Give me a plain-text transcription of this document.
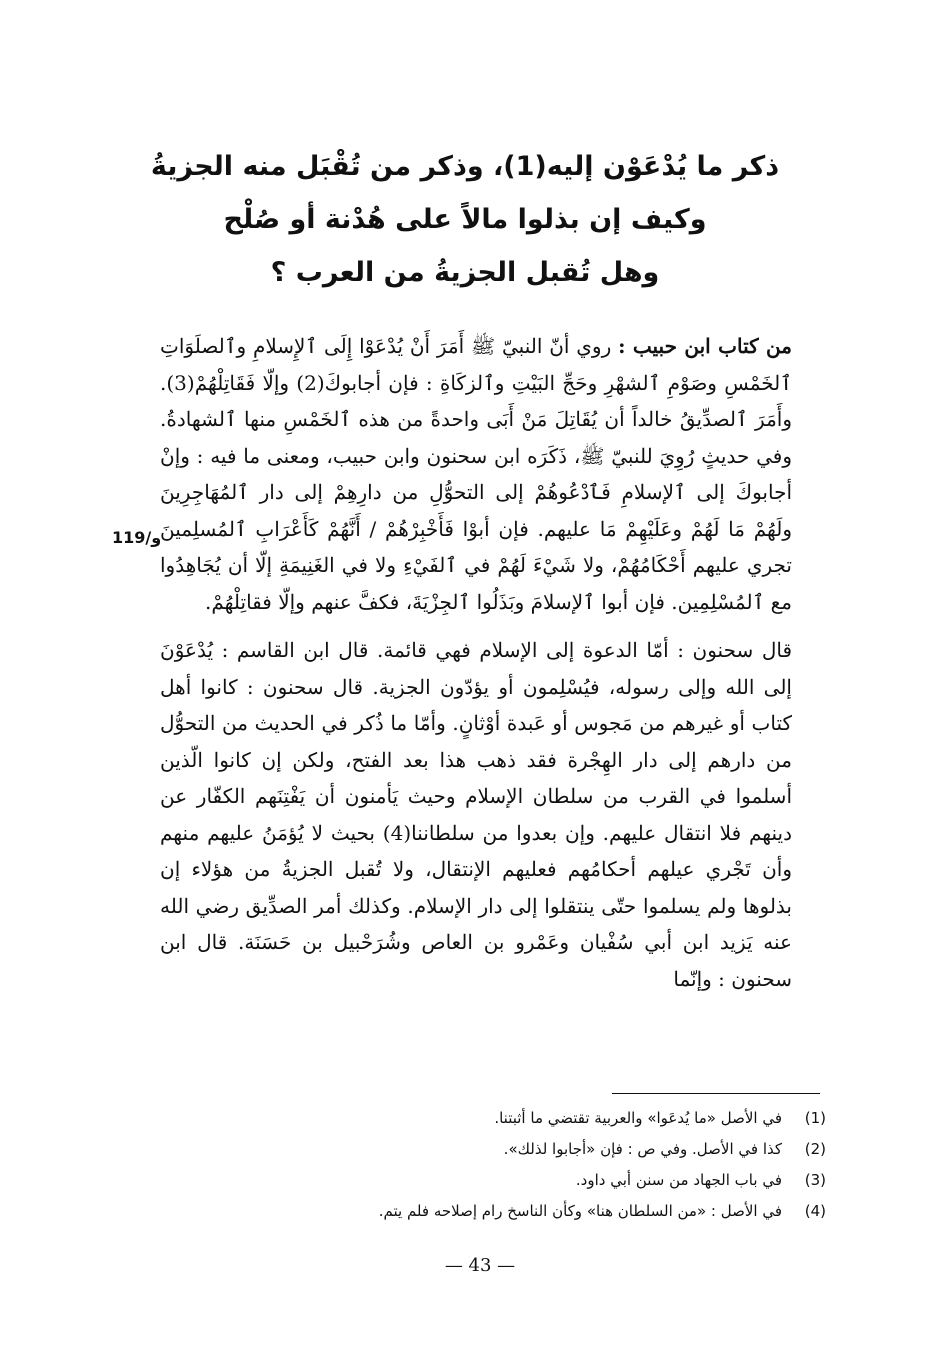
ذكر ما يُدْعَوْن إليه(1)، وذكر من تُقْبَل منه الجزيةُ
وكيف إن بذلوا مالاً على هُدْنة أو صُلْح
وهل تُقبل الجزيةُ من العرب ؟
119/و

من كتاب ابن حبيب : روي أنّ النبيّ ﷺ أَمَرَ أَنْ يُدْعَوْا إِلَى ٱلإِسلامِ وٱلصلَوَاتِ ٱلخَمْسِ وصَوْمِ ٱلشهْرِ وحَجِّ البَيْتِ وٱلزكَاةِ : فإن أجابوكَ(2) وإلّا فَقَاتِلْهُمْ(3). وأَمَرَ ٱلصدِّيقُ خالداً أن يُقَاتِلَ مَنْ أَبَى واحدةً من هذه ٱلخَمْسِ منها ٱلشهادةُ. وفي حديثٍ رُوِيَ للنبيّ ﷺ، ذَكَرَه ابن سحنون وابن حبيب، ومعنى ما فيه : وإنْ أجابوكَ إلى ٱلإسلامِ فَٱدْعُوهُمْ إلى التحوُّلِ من دارِهِمْ إلى دار ٱلمُهَاجِرِينَ ولَهُمْ مَا لَهُمْ وعَلَيْهِمْ مَا عليهم. فإن أبوْا فَأَخْبِرْهُمْ / أَنَّهُمْ كَأَعْرَابِ ٱلمُسلِمينَ تجري عليهم أَحْكَامُهُمْ، ولا شَيْءَ لَهُمْ في ٱلفَيْءِ ولا في الغَنِيمَةِ إلّا أن يُجَاهِدُوا مع ٱلمُسْلِمِين. فإن أبوا ٱلإسلامَ وبَذَلُوا ٱلجِزْيَةَ، فكفَّ عنهم وإلّا فقاتِلْهُمْ.

قال سحنون : أمّا الدعوة إلى الإسلام فهي قائمة. قال ابن القاسم : يُدْعَوْنَ إلى الله وإلى رسوله، فيُسْلِمون أو يؤدّون الجزية. قال سحنون : كانوا أهل كتاب أو غيرهم من مَجوس أو عَبدة أوْثانٍ. وأمّا ما ذُكر في الحديث من التحوُّل من دارهم إلى دار الهِجْرة فقد ذهب هذا بعد الفتح، ولكن إن كانوا الّذين أسلموا في القرب من سلطان الإسلام وحيث يَأمنون أن يَفْتِنَهم الكفّار عن دينهم فلا انتقال عليهم. وإن بعدوا من سلطاننا(4) بحيث لا يُؤمَنُ عليهم منهم وأن تَجْري عيلهم أحكامُهم فعليهم الإنتقال، ولا تُقبل الجزيةُ من هؤلاء إن بذلوها ولم يسلموا حتّى ينتقلوا إلى دار الإسلام. وكذلك أمر الصدِّيق رضي الله عنه يَزيد ابن أبي سُفْيان وعَمْرو بن العاص وشُرَحْبيل بن حَسَنَة. قال ابن سحنون : وإنّما

(1)
في الأصل «ما يُدعَوا» والعربية تقتضي ما أثبتنا.
(2)
كذا في الأصل. وفي ص : فإن «أجابوا لذلك».
(3)
في باب الجهاد من سنن أبي داود.
(4)
في الأصل : «من السلطان هنا» وكأن الناسخ رام إصلاحه فلم يتم.
— 43 —
